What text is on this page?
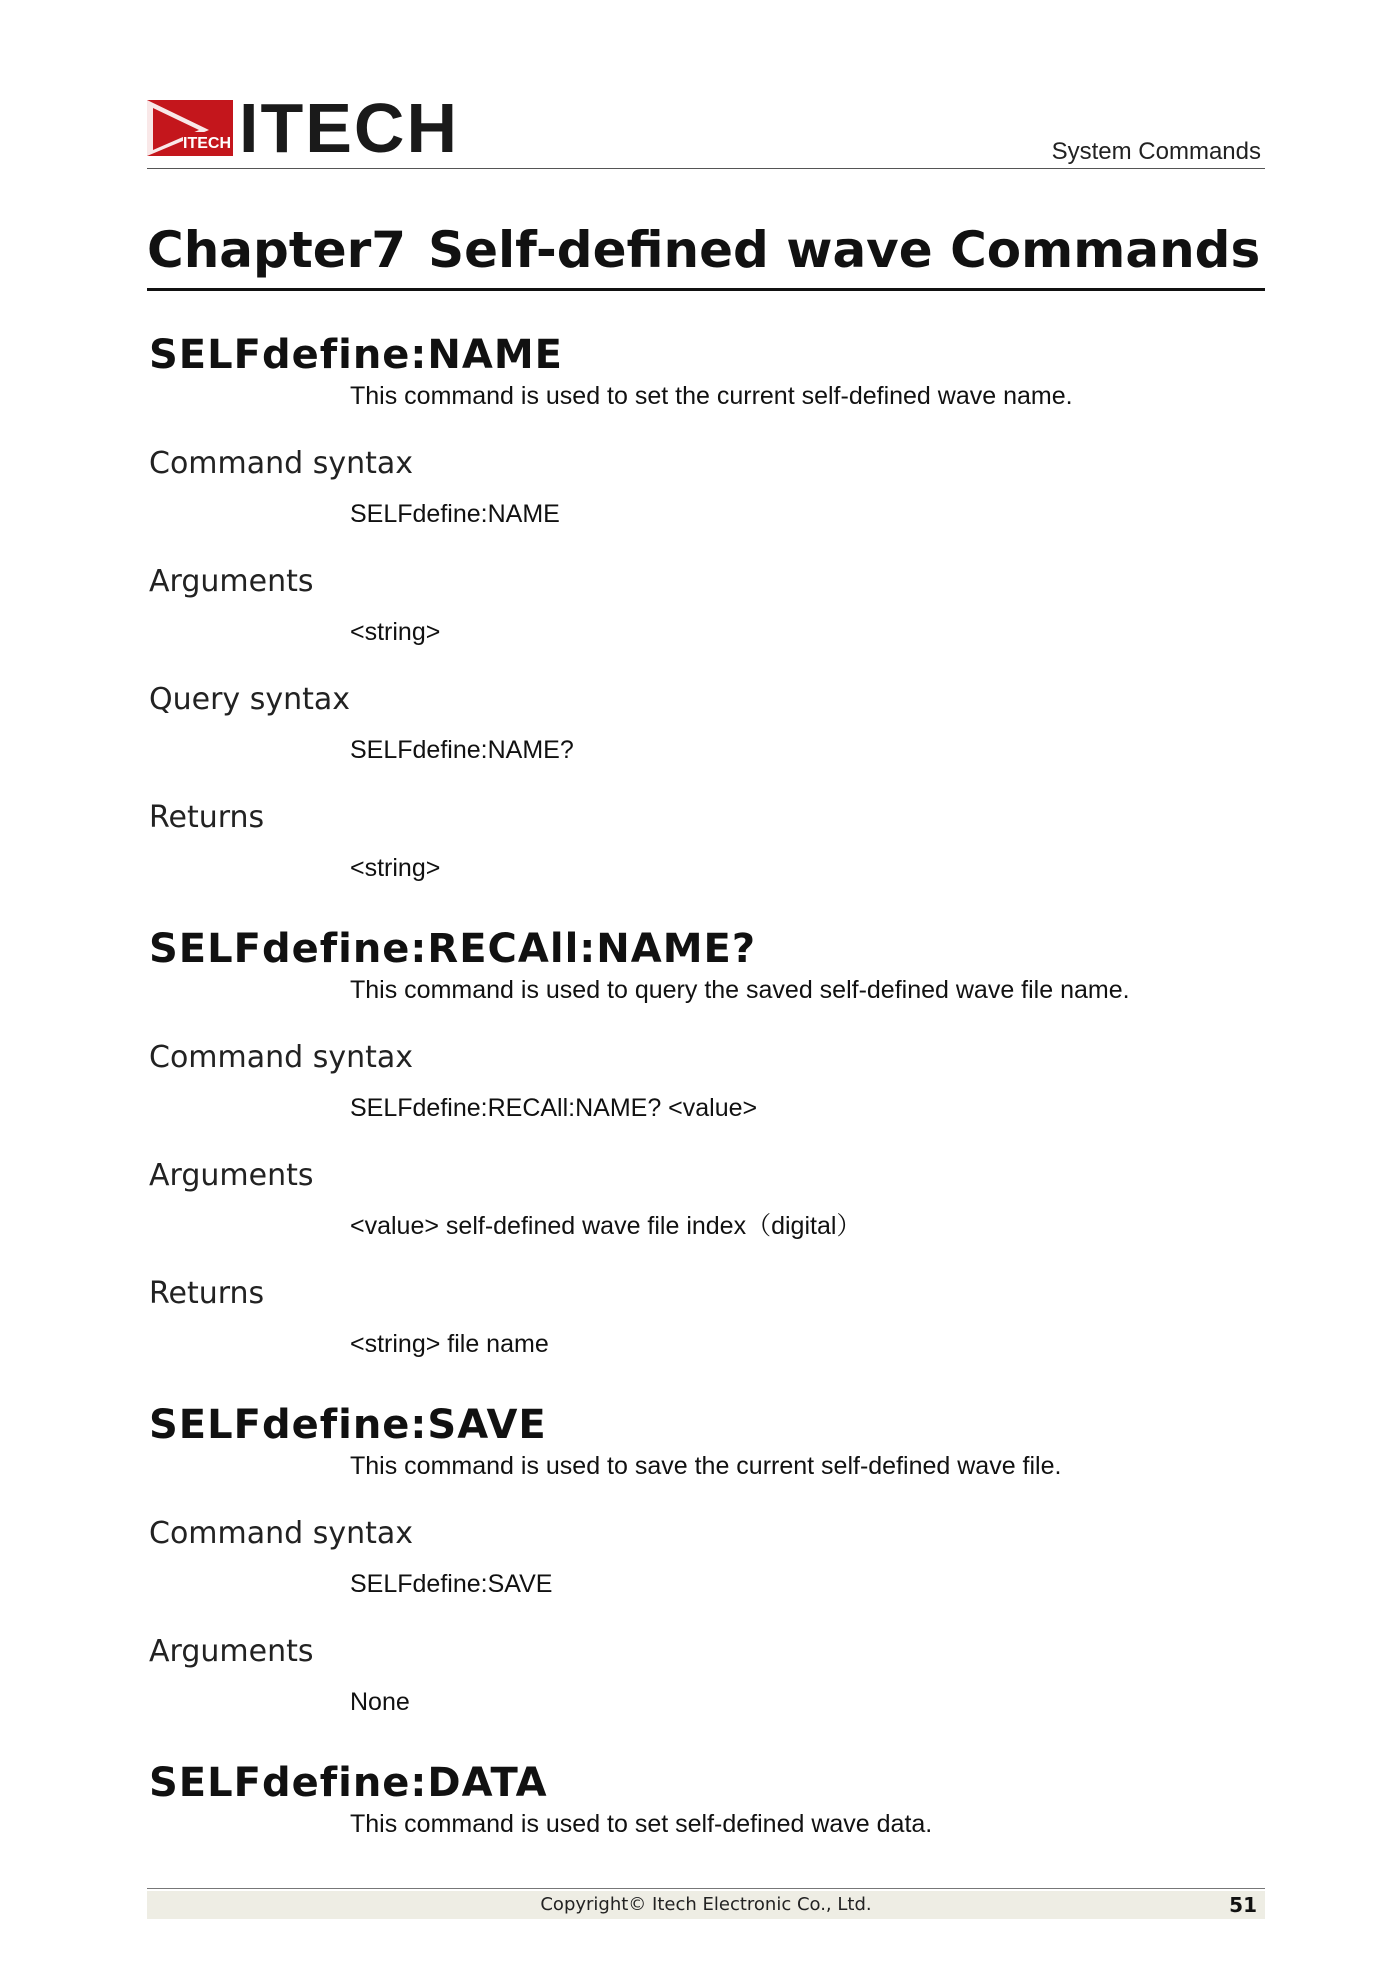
ITECH ITECH	System Commands
Chapter7 Self-defined wave Commands
SELFdefine:NAME
This command is used to set the current self-defined wave name.
Command syntax
SELFdefine:NAME
Arguments
<string>
Query syntax
SELFdefine:NAME?
Returns
<string>
SELFdefine:RECAll:NAME?
This command is used to query the saved self-defined wave file name.
Command syntax
SELFdefine:RECAll:NAME? <value>
Arguments
<value> self-defined wave file index（digital）
Returns
<string> file name
SELFdefine:SAVE
This command is used to save the current self-defined wave file.
Command syntax
SELFdefine:SAVE
Arguments
None
SELFdefine:DATA
This command is used to set self-defined wave data.
Copyright© Itech Electronic Co., Ltd.	51
